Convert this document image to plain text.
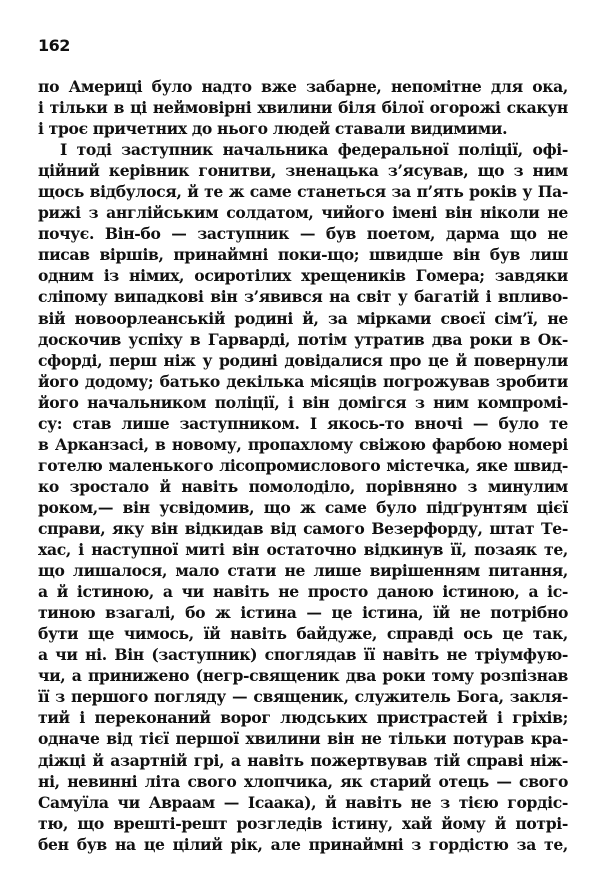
162
по Америці було надто вже забарне, непомітне для ока,
і тільки в ці неймовірні хвилини біля білої огорожі скакун
і троє причетних до нього людей ставали видимими.
І тоді заступник начальника федеральної поліції, офі-
ційний керівник гонитви, зненацька з’ясував, що з ним
щось відбулося, й те ж саме станеться за п’ять років у Па-
рижі з англійським солдатом, чийого імені він ніколи не
почує. Він-бо — заступник — був поетом, дарма що не
писав віршів, принаймні поки-що; швидше він був лиш
одним із німих, осиротілих хрещеників Гомера; завдяки
сліпому випадкові він з’явився на світ у багатій і впливо-
вій новоорлеанській родині й, за мірками своєї сім’ї, не
доскочив успіху в Гарварді, потім утратив два роки в Ок-
сфорді, перш ніж у родині довідалися про це й повернули
його додому; батько декілька місяців погрожував зробити
його начальником поліції, і він домігся з ним компромі-
су: став лише заступником. І якось-то вночі — було те
в Арканзасі, в новому, пропахлому свіжою фарбою номері
готелю маленького лісопромислового містечка, яке швид-
ко зростало й навіть помолоділо, порівняно з минулим
роком,— він усвідомив, що ж саме було підґрунтям цієї
справи, яку він відкидав від самого Везерфорду, штат Те-
хас, і наступної миті він остаточно відкинув її, позаяк те,
що лишалося, мало стати не лише вирішенням питання,
а й істиною, а чи навіть не просто даною істиною, а іс-
тиною взагалі, бо ж істина — це істина, їй не потрібно
бути ще чимось, їй навіть байдуже, справді ось це так,
а чи ні. Він (заступник) споглядав її навіть не тріумфую-
чи, а принижено (негр-священик два роки тому розпізнав
її з першого погляду — священик, служитель Бога, закля-
тий і переконаний ворог людських пристрастей і гріхів;
одначе від тієї першої хвилини він не тільки потурав кра-
діжці й азартній грі, а навіть пожертвував тій справі ніж-
ні, невинні літа свого хлопчика, як старий отець — свого
Самуїла чи Авраам — Ісаака), й навіть не з тією гордіс-
тю, що врешті-решт розгледів істину, хай йому й потрі-
бен був на це цілий рік, але принаймні з гордістю за те,
